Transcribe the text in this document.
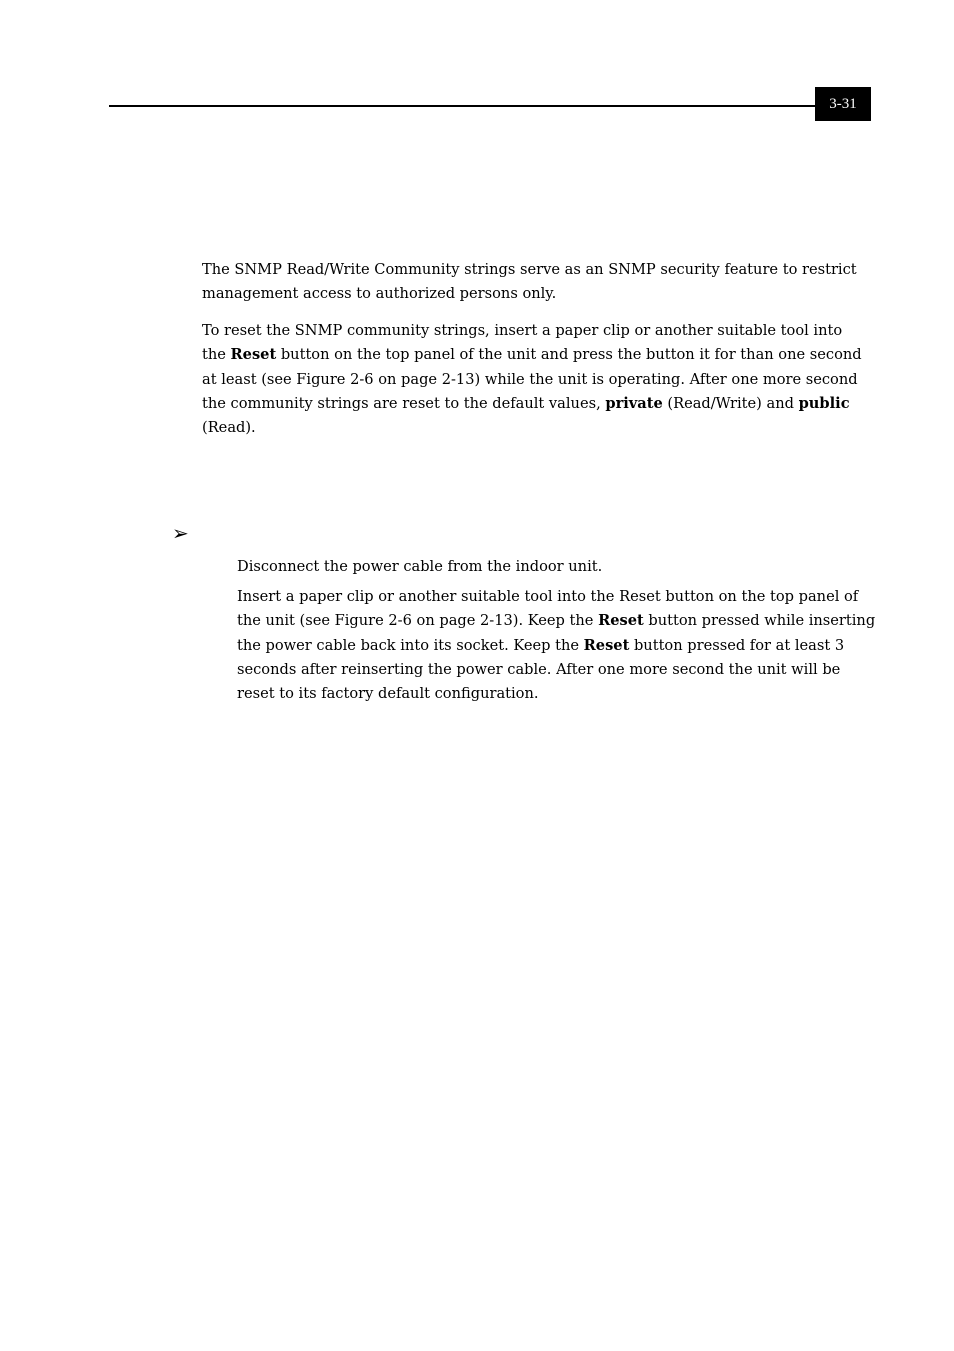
3-31

The SNMP Read/Write Community strings serve as an SNMP security feature to restrict management access to authorized persons only.

To reset the SNMP community strings, insert a paper clip or another suitable tool into the Reset button on the top panel of the unit and press the button it for than one second at least (see Figure 2-6 on page 2-13) while the unit is operating. After one more second the community strings are reset to the default values, private (Read/Write) and public (Read).

➢

Disconnect the power cable from the indoor unit.

Insert a paper clip or another suitable tool into the Reset button on the top panel of the unit (see Figure 2-6 on page 2-13). Keep the Reset button pressed while inserting the power cable back into its socket. Keep the Reset button pressed for at least 3 seconds after reinserting the power cable. After one more second the unit will be reset to its factory default configuration.
